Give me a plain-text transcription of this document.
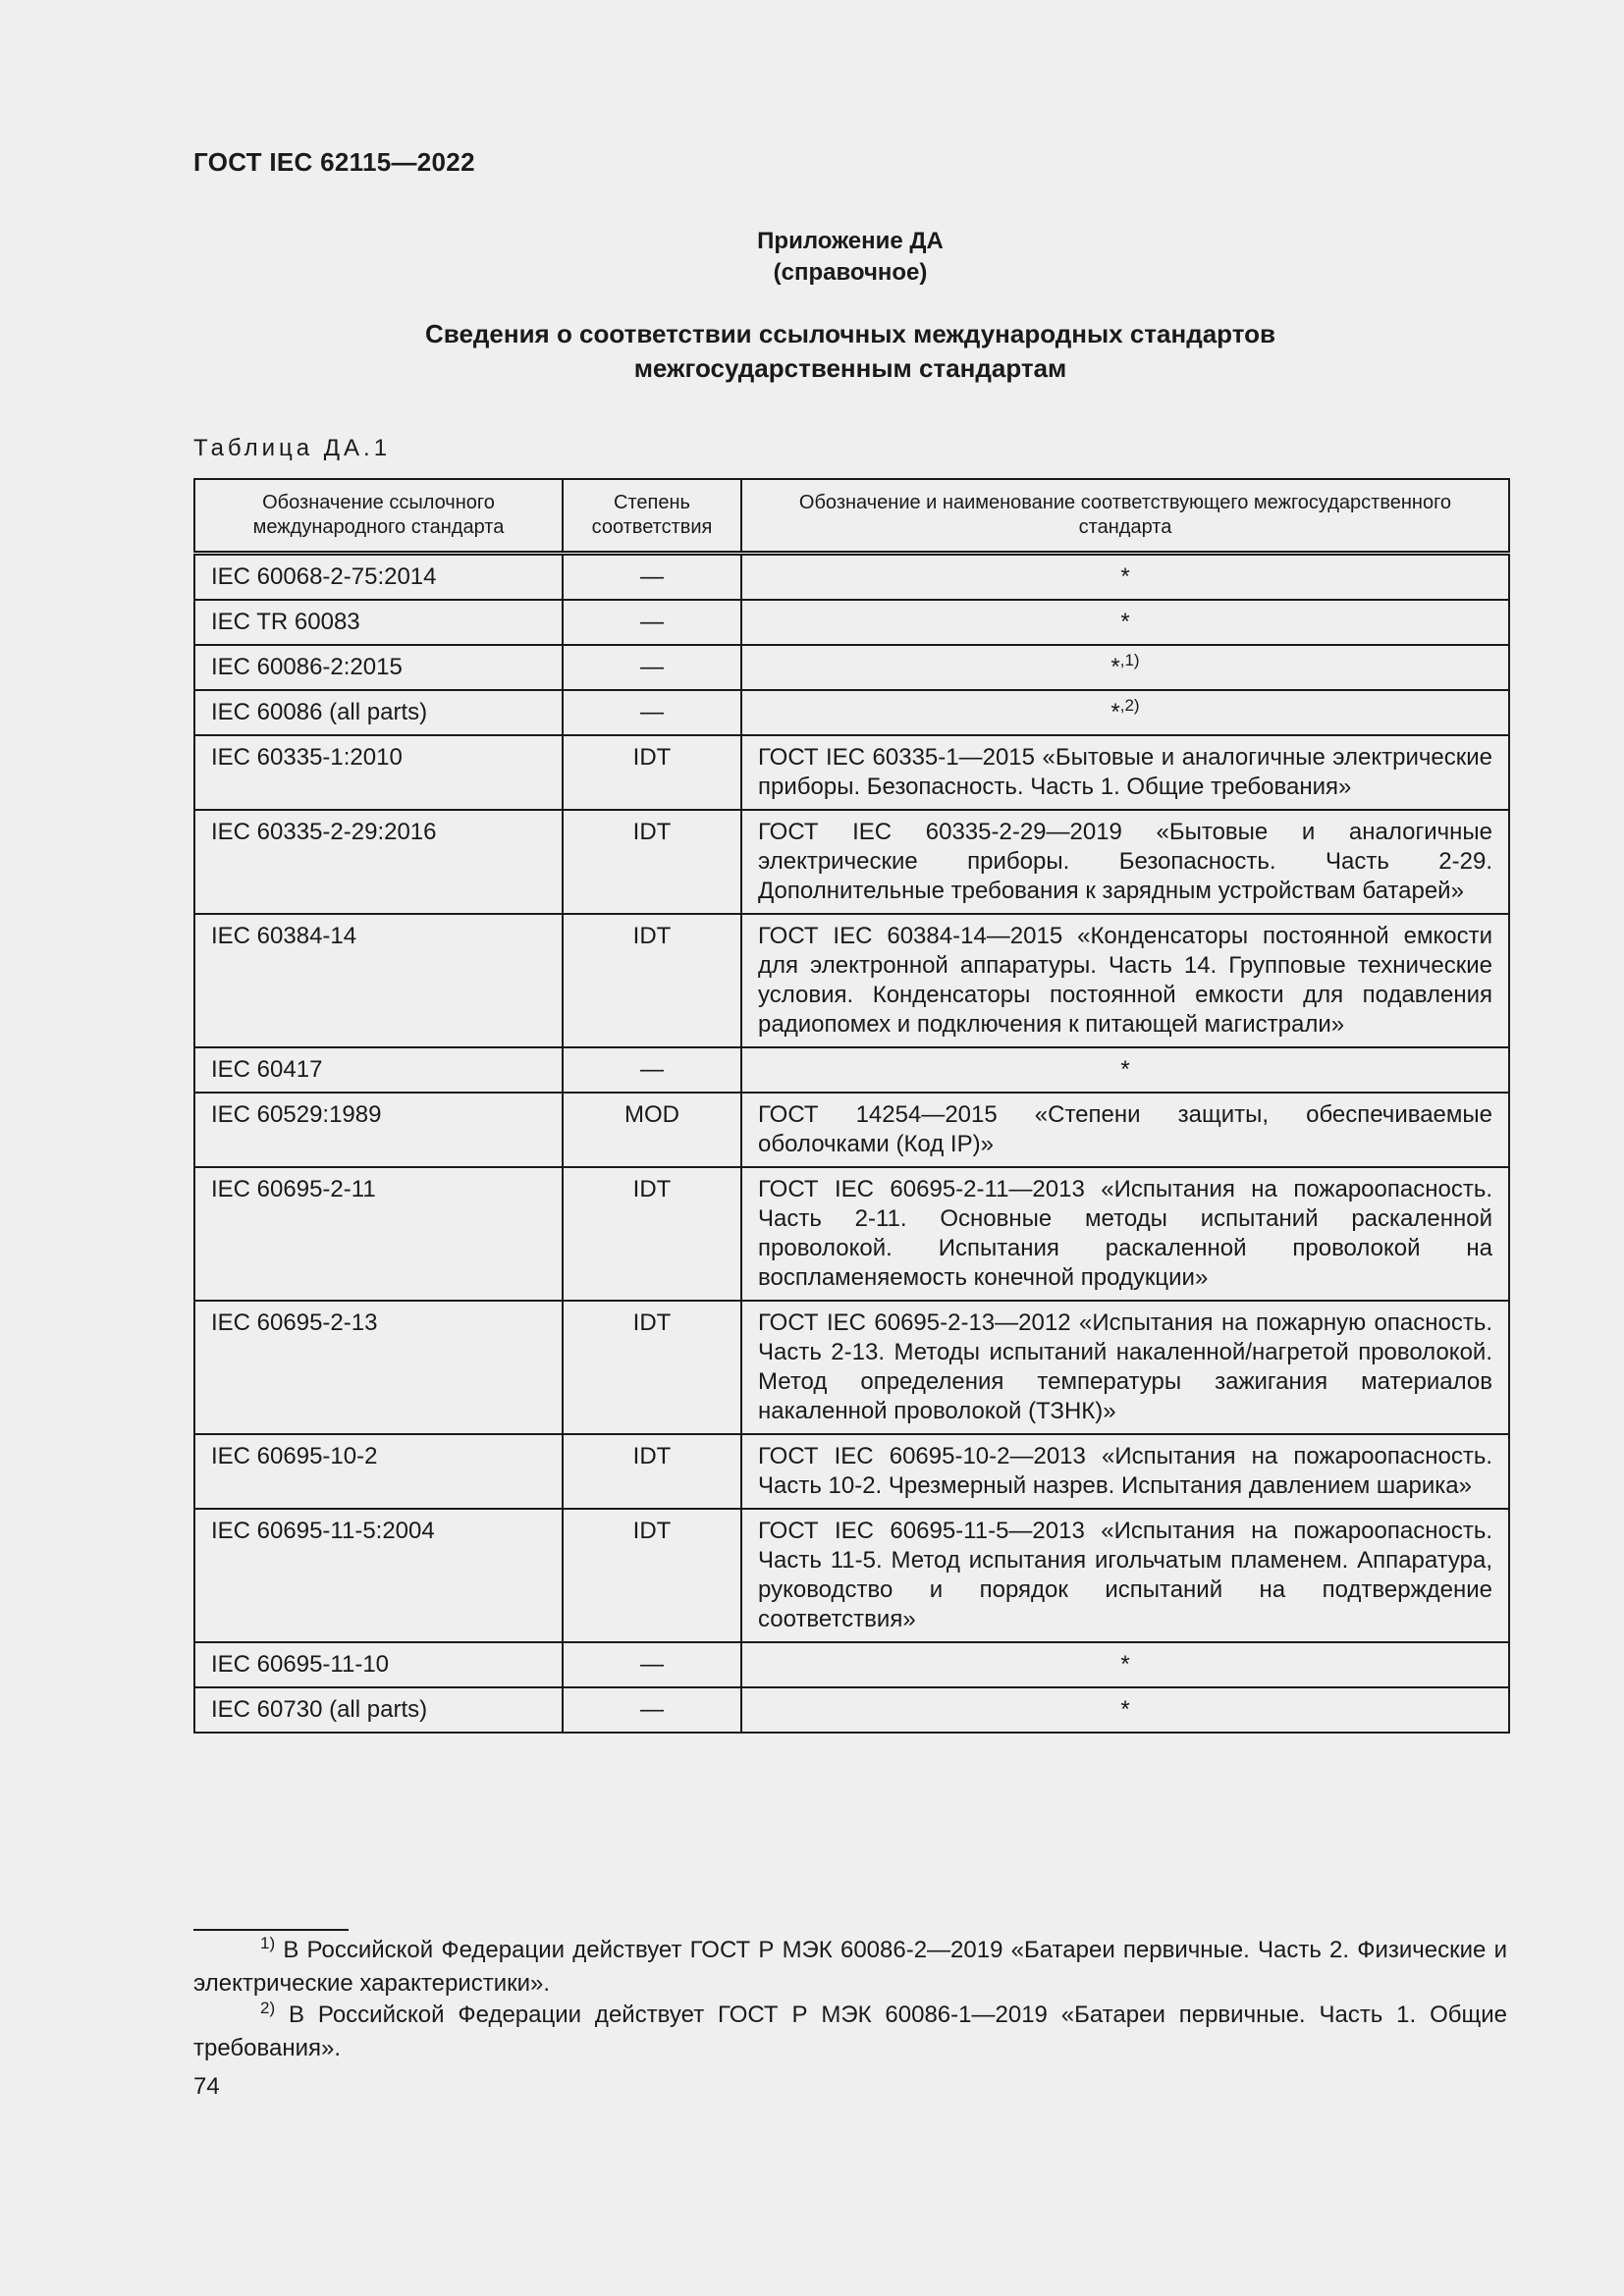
ГОСТ IEC 62115—2022
Приложение ДА
(справочное)
Сведения о соответствии ссылочных международных стандартов
межгосударственным стандартам
Таблица ДА.1
Обозначение ссылочного международного стандарта	Степень соответствия	Обозначение и наименование соответствующего межгосударственного стандарта
IEC 60068-2-75:2014	—	*
IEC TR 60083	—	*
IEC 60086-2:2015	—	*$^{,1)}$
IEC 60086 (all parts)	—	*$^{,2)}$
IEC 60335-1:2010	IDT	ГОСТ IEC 60335-1—2015 «Бытовые и аналогичные электрические приборы. Безопасность. Часть 1. Общие требования»
IEC 60335-2-29:2016	IDT	ГОСТ IEC 60335-2-29—2019 «Бытовые и аналогичные электрические приборы. Безопасность. Часть 2-29. Дополнительные требования к зарядным устройствам батарей»
IEC 60384-14	IDT	ГОСТ IEC 60384-14—2015 «Конденсаторы постоянной емкости для электронной аппаратуры. Часть 14. Групповые технические условия. Конденсаторы постоянной емкости для подавления радиопомех и подключения к питающей магистрали»
IEC 60417	—	*
IEC 60529:1989	MOD	ГОСТ 14254—2015 «Степени защиты, обеспечиваемые оболочками (Код IP)»
IEC 60695-2-11	IDT	ГОСТ IEC 60695-2-11—2013 «Испытания на пожароопасность. Часть 2-11. Основные методы испытаний раскаленной проволокой. Испытания раскаленной проволокой на воспламеняемость конечной продукции»
IEC 60695-2-13	IDT	ГОСТ IEC 60695-2-13—2012 «Испытания на пожарную опасность. Часть 2-13. Методы испытаний накаленной/нагретой проволокой. Метод определения температуры зажигания материалов накаленной проволокой (ТЗНК)»
IEC 60695-10-2	IDT	ГОСТ IEC 60695-10-2—2013 «Испытания на пожароопасность. Часть 10-2. Чрезмерный назрев. Испытания давлением шарика»
IEC 60695-11-5:2004	IDT	ГОСТ IEC 60695-11-5—2013 «Испытания на пожароопасность. Часть 11-5. Метод испытания игольчатым пламенем. Аппаратура, руководство и порядок испытаний на подтверждение соответствия»
IEC 60695-11-10	—	*
IEC 60730 (all parts)	—	*

$^{1)}$ В Российской Федерации действует ГОСТ Р МЭК 60086-2—2019 «Батареи первичные. Часть 2. Физические и электрические характеристики».

$^{2)}$ В Российской Федерации действует ГОСТ Р МЭК 60086-1—2019 «Батареи первичные. Часть 1. Общие требования».

74
